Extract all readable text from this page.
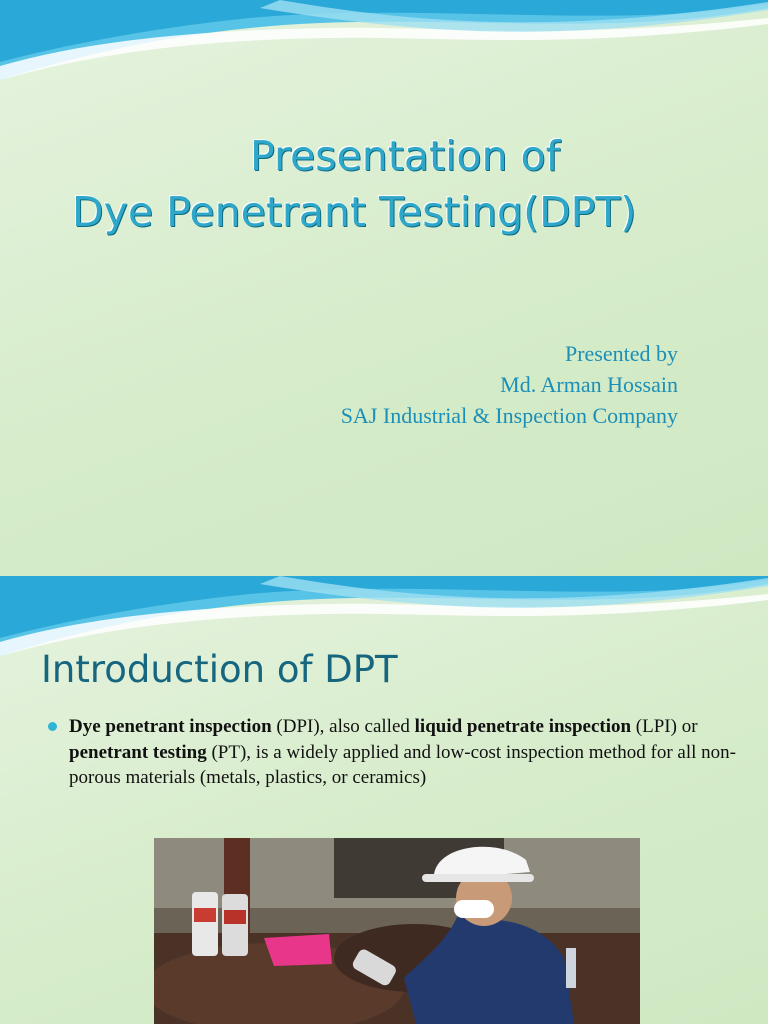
Presentation of
Dye Penetrant Testing(DPT)
Presented by
Md. Arman Hossain
SAJ Industrial & Inspection Company
Introduction of DPT
Dye penetrant inspection (DPI), also called liquid penetrate inspection (LPI) or penetrant testing (PT), is a widely applied and low-cost inspection method for all non-porous materials (metals, plastics, or ceramics)
